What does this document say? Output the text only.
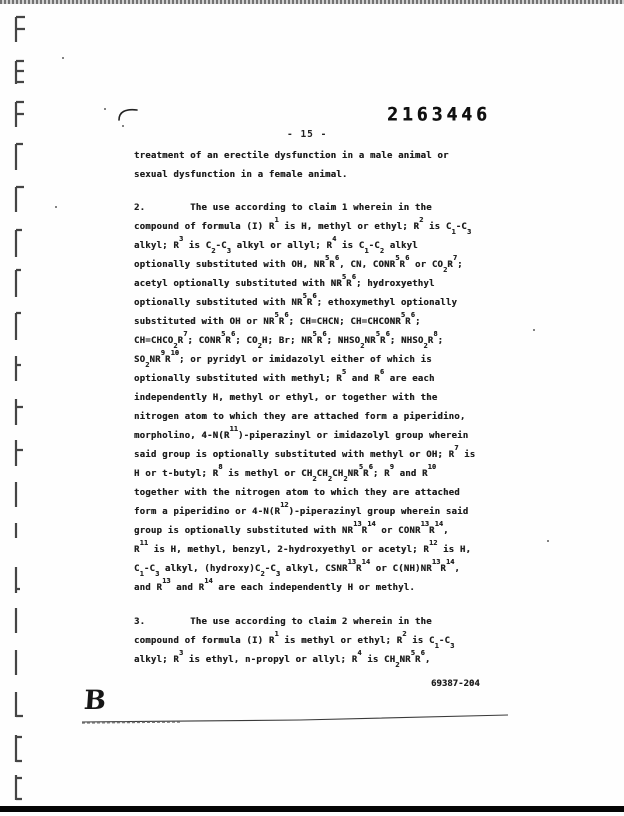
2163446
- 15 -
treatment of an erectile dysfunction in a male animal or
sexual dysfunction in a female animal.
2.        The use according to claim 1 wherein in the
compound of formula (I) $R^1$ is H, methyl or ethyl; $R^2$ is $C_1-C_3$
alkyl; $R^3$ is $C_2-C_3$ alkyl or allyl; $R^4$ is $C_1-C_2$ alkyl
optionally substituted with OH, $NR^5R^6$, CN, $CONR^5R^6$ or $CO_2R^7$;
acetyl optionally substituted with $NR^5R^6$; hydroxyethyl
optionally substituted with $NR^5R^6$; ethoxymethyl optionally
substituted with OH or $NR^5R^6$; CH=CHCN; $CH=CHCONR^5R^6$;
$CH=CHCO_2R^7$; $CONR^5R^6$; $CO_2H$; Br; $NR^5R^6$; $NHSO_2NR^5R^6$; $NHSO_2R^8$;
$SO_2NR^9R^{10}$; or pyridyl or imidazolyl either of which is
optionally substituted with methyl; $R^5$ and $R^6$ are each
independently H, methyl or ethyl, or together with the
nitrogen atom to which they are attached form a piperidino,
morpholino, $4-N(R^{11})$-piperazinyl or imidazolyl group wherein
said group is optionally substituted with methyl or OH; $R^7$ is
H or t-butyl; $R^8$ is methyl or $CH_2CH_2CH_2NR^5R^6$; $R^9$ and $R^{10}$
together with the nitrogen atom to which they are attached
form a piperidino or $4-N(R^{12})$-piperazinyl group wherein said
group is optionally substituted with $NR^{13}R^{14}$ or $CONR^{13}R^{14}$,
$R^{11}$ is H, methyl, benzyl, 2-hydroxyethyl or acetyl; $R^{12}$ is H,
$C_1-C_3$ alkyl, $(hydroxy)C_2-C_3$ alkyl, $CSNR^{13}R^{14}$ or $C(NH)NR^{13}R^{14}$,
and $R^{13}$ and $R^{14}$ are each independently H or methyl.
3.        The use according to claim 2 wherein in the
compound of formula (I) $R^1$ is methyl or ethyl; $R^2$ is $C_1-C_3$
alkyl; $R^3$ is ethyl, n-propyl or allyl; $R^4$ is $CH_2NR^5R^6$,
69387-204
B
